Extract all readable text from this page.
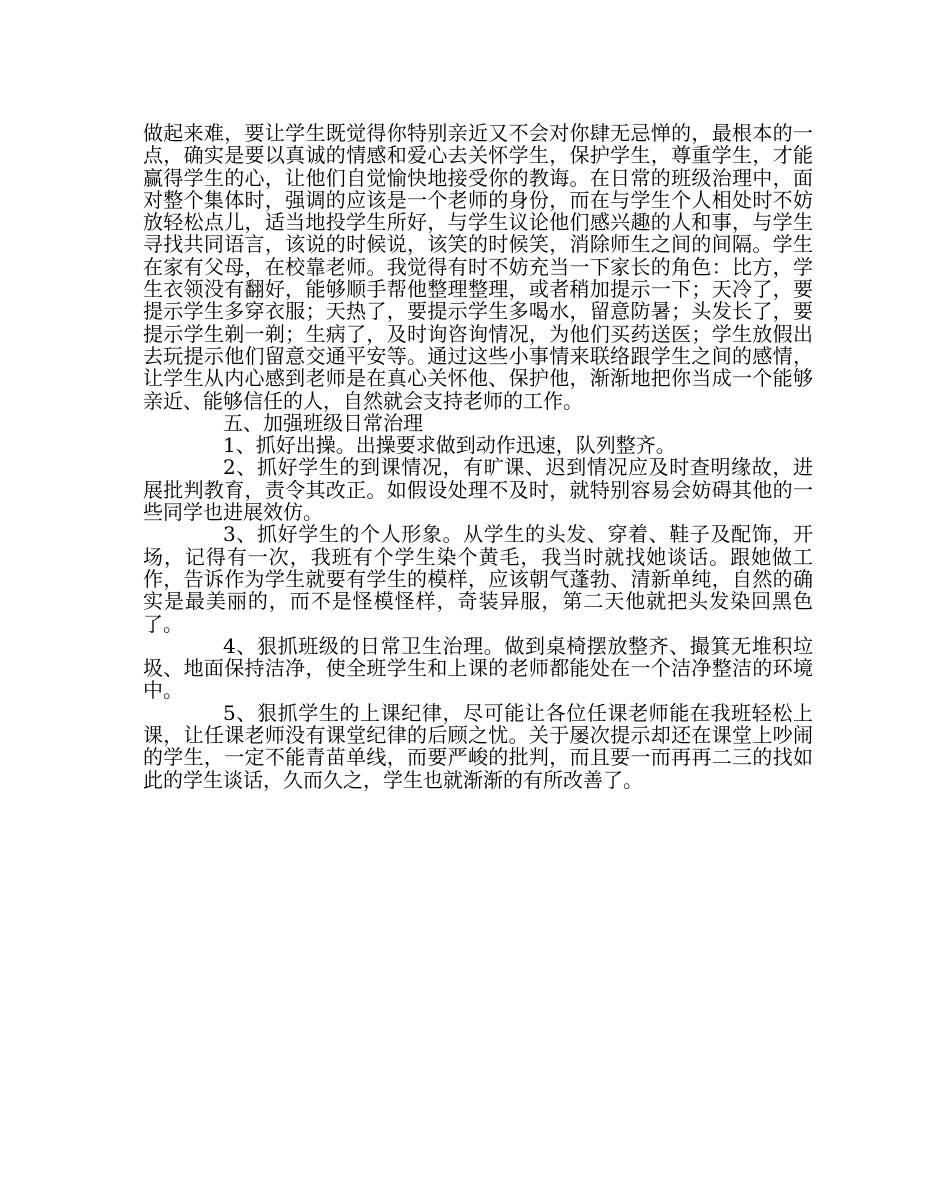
做起来难，要让学生既觉得你特别亲近又不会对你肆无忌惮的，最根本的一点，确实是要以真诚的情感和爱心去关怀学生，保护学生，尊重学生，才能赢得学生的心，让他们自觉愉快地接受你的教诲。在日常的班级治理中，面对整个集体时，强调的应该是一个老师的身份，而在与学生个人相处时不妨放轻松点儿，适当地投学生所好，与学生议论他们感兴趣的人和事，与学生寻找共同语言，该说的时候说，该笑的时候笑，消除师生之间的间隔。学生在家有父母，在校靠老师。我觉得有时不妨充当一下家长的角色：比方，学生衣领没有翻好，能够顺手帮他整理整理，或者稍加提示一下；天冷了，要提示学生多穿衣服；天热了，要提示学生多喝水，留意防暑；头发长了，要提示学生剃一剃；生病了，及时询咨询情况，为他们买药送医；学生放假出去玩提示他们留意交通平安等。通过这些小事情来联络跟学生之间的感情，让学生从内心感到老师是在真心关怀他、保护他，渐渐地把你当成一个能够亲近、能够信任的人，自然就会支持老师的工作。

五、加强班级日常治理

1、抓好出操。出操要求做到动作迅速，队列整齐。

2、抓好学生的到课情况，有旷课、迟到情况应及时查明缘故，进展批判教育，责令其改正。如假设处理不及时，就特别容易会妨碍其他的一些同学也进展效仿。

3、抓好学生的个人形象。从学生的头发、穿着、鞋子及配饰，开场，记得有一次，我班有个学生染个黄毛，我当时就找她谈话。跟她做工作，告诉作为学生就要有学生的模样，应该朝气蓬勃、清新单纯，自然的确实是最美丽的，而不是怪模怪样，奇装异服，第二天他就把头发染回黑色了。

4、狠抓班级的日常卫生治理。做到桌椅摆放整齐、撮箕无堆积垃圾、地面保持洁净，使全班学生和上课的老师都能处在一个洁净整洁的环境中。

5、狠抓学生的上课纪律，尽可能让各位任课老师能在我班轻松上课，让任课老师没有课堂纪律的后顾之忧。关于屡次提示却还在课堂上吵闹的学生，一定不能青苗单线，而要严峻的批判，而且要一而再再二三的找如此的学生谈话，久而久之，学生也就渐渐的有所改善了。
